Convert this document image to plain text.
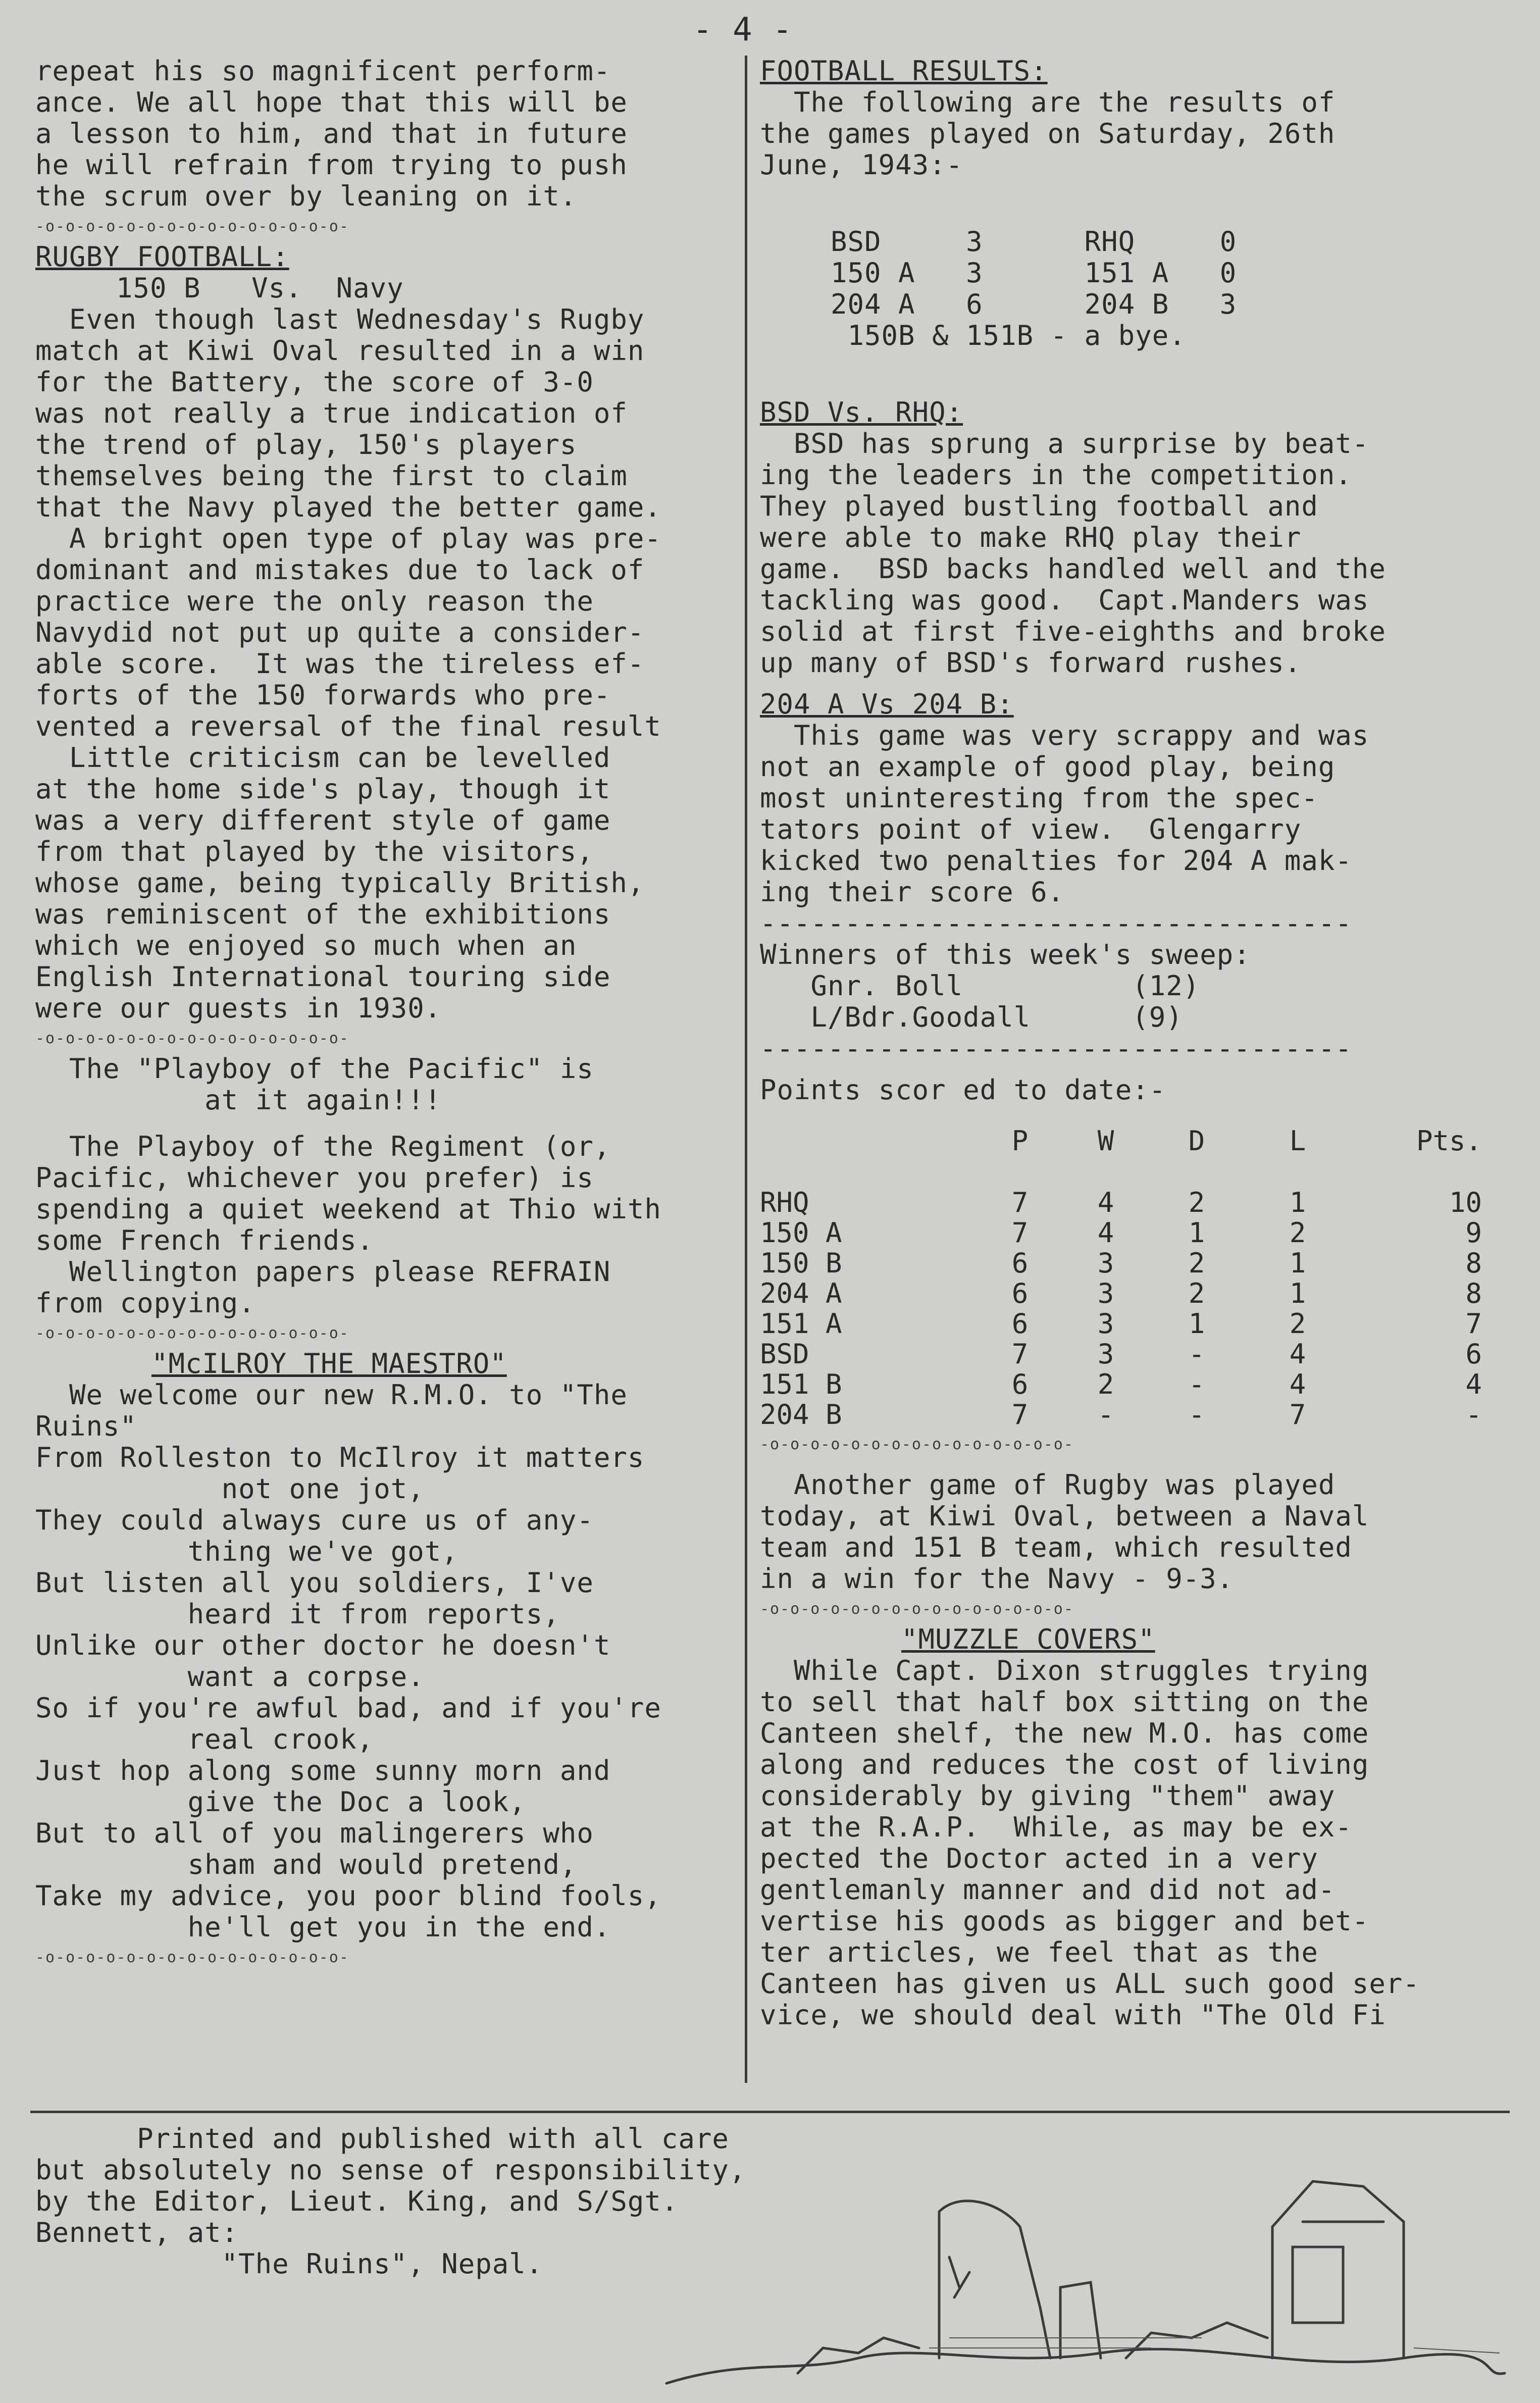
- 4 -
repeat his so magnificent perform-
ance. We all hope that this will be
a lesson to him, and that in future
he will refrain from trying to push
the scrum over by leaning on it.
-o-o-o-o-o-o-o-o-o-o-o-o-o-o-o-
RUGBY FOOTBALL:
150 B   Vs.  Navy
Even though last Wednesday's Rugby
match at Kiwi Oval resulted in a win
for the Battery, the score of 3-0
was not really a true indication of
the trend of play, 150's players
themselves being the first to claim
that the Navy played the better game.
A bright open type of play was pre-
dominant and mistakes due to lack of
practice were the only reason the
Navydid not put up quite a consider-
able score.  It was the tireless ef-
forts of the 150 forwards who pre-
vented a reversal of the final result
Little criticism can be levelled
at the home side's play, though it
was a very different style of game
from that played by the visitors,
whose game, being typically British,
was reminiscent of the exhibitions
which we enjoyed so much when an
English International touring side
were our guests in 1930.
-o-o-o-o-o-o-o-o-o-o-o-o-o-o-o-
The "Playboy of the Pacific" is
at it again!!!
The Playboy of the Regiment (or,
Pacific, whichever you prefer) is
spending a quiet weekend at Thio with
some French friends.
Wellington papers please REFRAIN
from copying.
-o-o-o-o-o-o-o-o-o-o-o-o-o-o-o-
"McILROY THE MAESTRO"
We welcome our new R.M.O. to "The
Ruins"
From Rolleston to McIlroy it matters
not one jot,
They could always cure us of any-
thing we've got,
But listen all you soldiers, I've
heard it from reports,
Unlike our other doctor he doesn't
want a corpse.
So if you're awful bad, and if you're
real crook,
Just hop along some sunny morn and
give the Doc a look,
But to all of you malingerers who
sham and would pretend,
Take my advice, you poor blind fools,
he'll get you in the end.
-o-o-o-o-o-o-o-o-o-o-o-o-o-o-o-
FOOTBALL RESULTS:
The following are the results of
the games played on Saturday, 26th
June, 1943:-
BSD     3      RHQ     0
150 A   3      151 A   0
204 A   6      204 B   3
150B & 151B - a bye.
BSD Vs. RHQ:
BSD has sprung a surprise by beat-
ing the leaders in the competition.
They played bustling football and
were able to make RHQ play their
game.  BSD backs handled well and the
tackling was good.  Capt.Manders was
solid at first five-eighths and broke
up many of BSD's forward rushes.
204 A Vs 204 B:
This game was very scrappy and was
not an example of good play, being
most uninteresting from the spec-
tators point of view.  Glengarry
kicked two penalties for 204 A mak-
ing their score 6.
-----------------------------------
Winners of this week's sweep:
Gnr. Boll          (12)
L/Bdr.Goodall      (9)
-----------------------------------
Points scor ed to date:-
	P	W	D	L	Pts.

RHQ	7	4	2	1	10
150 A	7	4	1	2	9
150 B	6	3	2	1	8
204 A	6	3	2	1	8
151 A	6	3	1	2	7
BSD	7	3	-	4	6
151 B	6	2	-	4	4
204 B	7	-	-	7	-
-o-o-o-o-o-o-o-o-o-o-o-o-o-o-o-
Another game of Rugby was played
today, at Kiwi Oval, between a Naval
team and 151 B team, which resulted
in a win for the Navy - 9-3.
-o-o-o-o-o-o-o-o-o-o-o-o-o-o-o-
"MUZZLE COVERS"
While Capt. Dixon struggles trying
to sell that half box sitting on the
Canteen shelf, the new M.O. has come
along and reduces the cost of living
considerably by giving "them" away
at the R.A.P.  While, as may be ex-
pected the Doctor acted in a very
gentlemanly manner and did not ad-
vertise his goods as bigger and bet-
ter articles, we feel that as the
Canteen has given us ALL such good ser-
vice, we should deal with "The Old Fi
Printed and published with all care
but absolutely no sense of responsibility,
by the Editor, Lieut. King, and S/Sgt.
Bennett, at:
"The Ruins", Nepal.
